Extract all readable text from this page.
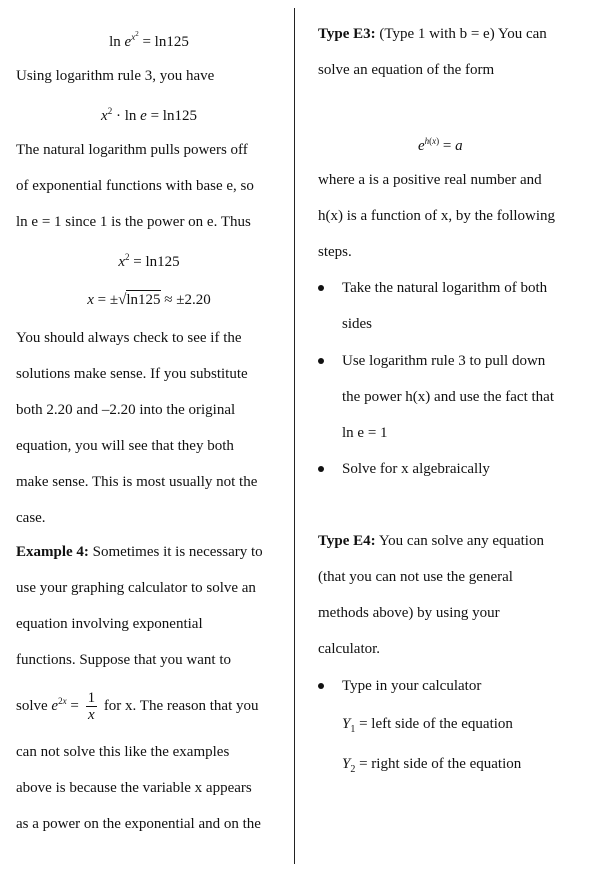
$\ln e^{x^2} = \ln 125$
Using logarithm rule 3, you have
$x^2 \cdot \ln e = \ln 125$
The natural logarithm pulls powers off
of exponential functions with base e, so
ln e = 1 since 1 is the power on e. Thus
$x^2 = \ln 125$
x = ±√ln125 ≈ ±2.20
You should always check to see if the
solutions make sense. If you substitute
both 2.20 and –2.20 into the original
equation, you will see that they both
make sense. This is most usually not the
case.
Example 4: Sometimes it is necessary to
use your graphing calculator to solve an
equation involving exponential
functions. Suppose that you want to
solve $e^{2x} = \frac{1}{x}$ for x. The reason that you
can not solve this like the examples
above is because the variable x appears
as a power on the exponential and on the
Type E3: (Type 1 with b = e) You can
solve an equation of the form
$e^{h(x)} = a$
where a is a positive real number and
h(x) is a function of x, by the following
steps.
Take the natural logarithm of both
sides
Use logarithm rule 3 to pull down
the power h(x) and use the fact that
ln e = 1
Solve for x algebraically
Type E4: You can solve any equation
(that you can not use the general
methods above) by using your
calculator.
Type in your calculator
$Y_1$ = left side of the equation
$Y_2$ = right side of the equation
